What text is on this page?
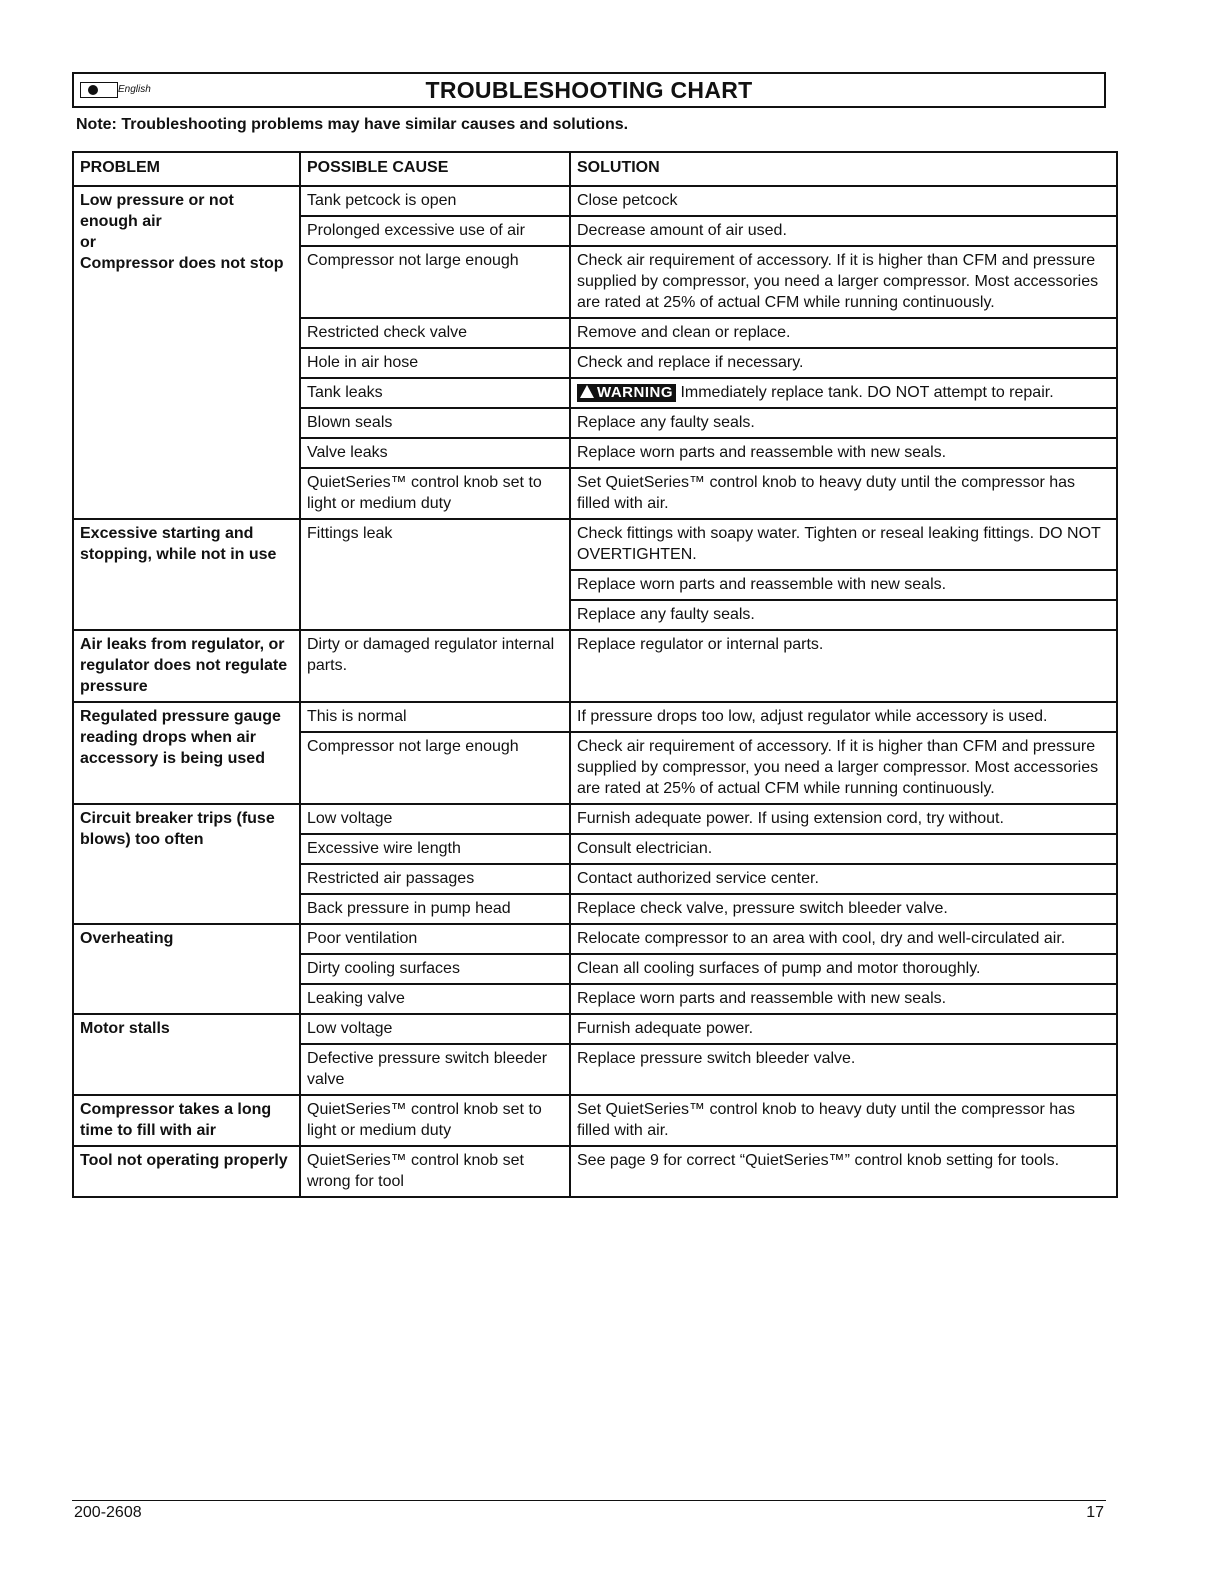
English	TROUBLESHOOTING CHART
Note: Troubleshooting problems may have similar causes and solutions.
PROBLEM	POSSIBLE CAUSE	SOLUTION
Low pressure or not enough air
or
Compressor does not stop	Tank petcock is open	Close petcock
	Prolonged excessive use of air	Decrease amount of air used.
	Compressor not large enough	Check air requirement of accessory. If it is higher than CFM and pressure supplied by compressor, you need a larger compressor. Most accessories are rated at 25% of actual CFM while running continuously.
	Restricted check valve	Remove and clean or replace.
	Hole in air hose	Check and replace if necessary.
	Tank leaks	WARNING Immediately replace tank. DO NOT attempt to repair.
	Blown seals	Replace any faulty seals.
	Valve leaks	Replace worn parts and reassemble with new seals.
	QuietSeries™ control knob set to light or medium duty	Set QuietSeries™ control knob to heavy duty until the compressor has filled with air.
Excessive starting and stopping, while not in use	Fittings leak	Check fittings with soapy water. Tighten or reseal leaking fittings. DO NOT OVERTIGHTEN.
		Replace worn parts and reassemble with new seals.
		Replace any faulty seals.
Air leaks from regulator, or regulator does not regulate pressure	Dirty or damaged regulator internal parts.	Replace regulator or internal parts.
Regulated pressure gauge reading drops when air accessory is being used	This is normal	If pressure drops too low, adjust regulator while accessory is used.
	Compressor not large enough	Check air requirement of accessory. If it is higher than CFM and pressure supplied by compressor, you need a larger compressor. Most accessories are rated at 25% of actual CFM while running continuously.
Circuit breaker trips (fuse blows) too often	Low voltage	Furnish adequate power. If using extension cord, try without.
	Excessive wire length	Consult electrician.
	Restricted air passages	Contact authorized service center.
	Back pressure in pump head	Replace check valve, pressure switch bleeder valve.
Overheating	Poor ventilation	Relocate compressor to an area with cool, dry and well-circulated air.
	Dirty cooling surfaces	Clean all cooling surfaces of pump and motor thoroughly.
	Leaking valve	Replace worn parts and reassemble with new seals.
Motor stalls	Low voltage	Furnish adequate power.
	Defective pressure switch bleeder valve	Replace pressure switch bleeder valve.
Compressor takes a long time to fill with air	QuietSeries™ control knob set to light or medium duty	Set QuietSeries™ control knob to heavy duty until the compressor has filled with air.
Tool not operating properly	QuietSeries™ control knob set wrong for tool	See page 9 for correct “QuietSeries™” control knob setting for tools.
200-2608	17
